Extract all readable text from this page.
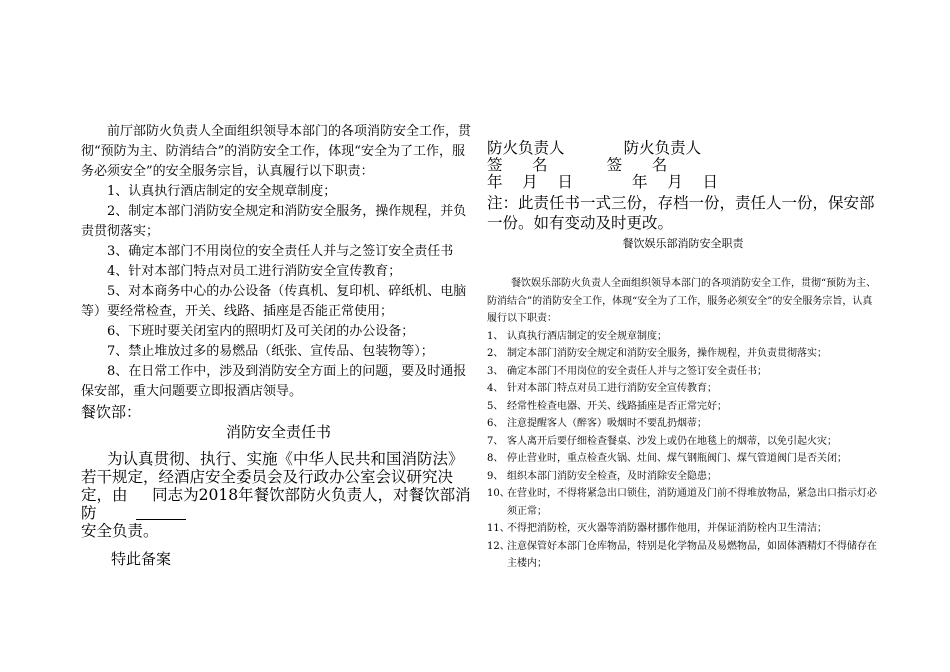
前厅部防火负责人全面组织领导本部门的各项消防安全工作，贯彻“预防为主、防消结合”的消防安全工作，体现“安全为了工作，服务必须安全”的安全服务宗旨，认真履行以下职责：

1、认真执行酒店制定的安全规章制度；

2、制定本部门消防安全规定和消防安全服务，操作规程，并负责贯彻落实；

3、确定本部门不用岗位的安全责任人并与之签订安全责任书

4、针对本部门特点对员工进行消防安全宣传教育；

5、对本商务中心的办公设备（传真机、复印机、碎纸机、电脑等）要经常检查，开关、线路、插座是否能正常使用；

6、下班时要关闭室内的照明灯及可关闭的办公设备；

7、禁止堆放过多的易燃品（纸张、宣传品、包装物等）；

8、在日常工作中，涉及到消防安全方面上的问题，要及时通报保安部，重大问题要立即报酒店领导。

餐饮部：

消防安全责任书

为认真贯彻、执行、实施《中华人民共和国消防法》若干规定，经酒店安全委员会及行政办公室会议研究决定，由 同志为2018年餐饮部防火负责人，对餐饮部消防

安全负责。

特此备案

防火负责人            防火负责人

签      名            签      名

年    月    日            年    月    日

注：此责任书一式三份，存档一份，责任人一份，保安部一份。如有变动及时更改。

餐饮娱乐部消防安全职责

餐饮娱乐部防火负责人全面组织领导本部门的各项消防安全工作，贯彻“预防为主、防消结合”的消防安全工作，体现“安全为了工作，服务必须安全”的安全服务宗旨，认真履行以下职责：

1、 认真执行酒店制定的安全规章制度；
2、 制定本部门消防安全规定和消防安全服务，操作规程，并负责贯彻落实；
3、 确定本部门不用岗位的安全责任人并与之签订安全责任书；
4、 针对本部门特点对员工进行消防安全宣传教育；
5、 经常性检查电器、开关、线路插座是否正常完好；
6、 注意提醒客人（醉客）吸烟时不要乱扔烟蒂；
7、 客人离开后要仔细检查餐桌、沙发上或仍在地毯上的烟蒂，以免引起火灾；
8、 停止营业时，重点检查火锅、灶间、煤气钢瓶阀门、煤气管道阀门是否关闭；
9、 组织本部门消防安全检查，及时消除安全隐患；
10、
在营业时，不得将紧急出口锁住，消防通道及门前不得堆放物品，紧急出口指示灯必须正常；
11、
不得把消防栓，灭火器等消防器材挪作他用，并保证消防栓内卫生清洁；
12、
注意保管好本部门仓库物品，特别是化学物品及易燃物品，如固体酒精灯不得储存在主楼内；
